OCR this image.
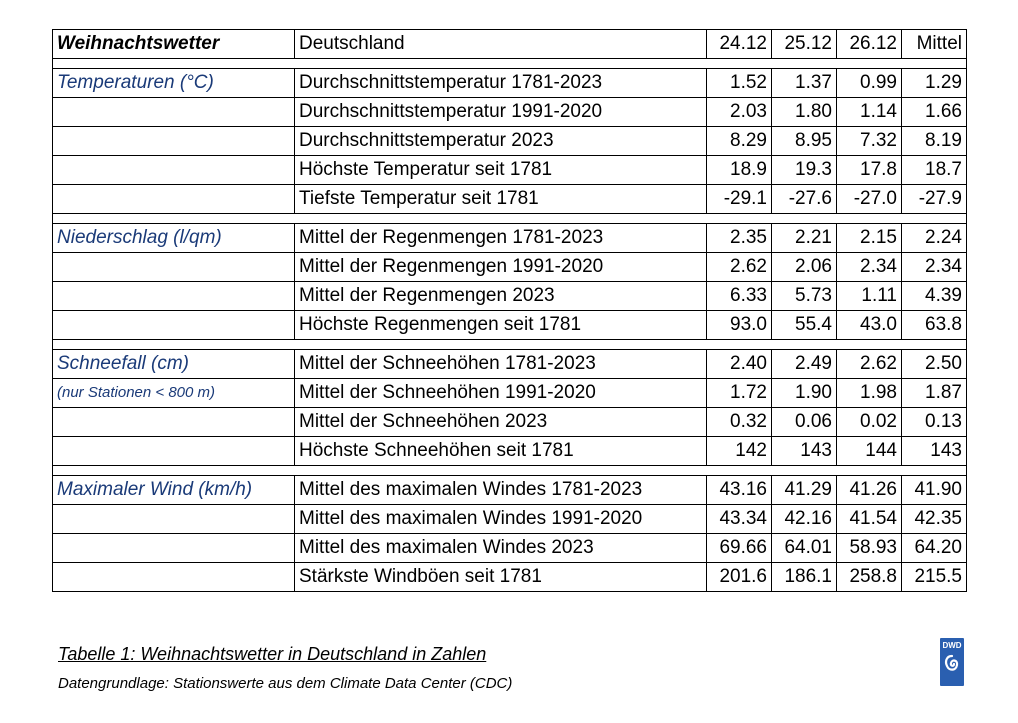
Weihnachtswetter	Deutschland	24.12	25.12	26.12	Mittel

Temperaturen (°C)	Durchschnittstemperatur 1781-2023	1.52	1.37	0.99	1.29
	Durchschnittstemperatur 1991-2020	2.03	1.80	1.14	1.66
	Durchschnittstemperatur 2023	8.29	8.95	7.32	8.19
	Höchste Temperatur seit 1781	18.9	19.3	17.8	18.7
	Tiefste Temperatur seit 1781	-29.1	-27.6	-27.0	-27.9

Niederschlag (l/qm)	Mittel der Regenmengen 1781-2023	2.35	2.21	2.15	2.24
	Mittel der Regenmengen 1991-2020	2.62	2.06	2.34	2.34
	Mittel der Regenmengen 2023	6.33	5.73	1.11	4.39
	Höchste Regenmengen seit 1781	93.0	55.4	43.0	63.8

Schneefall (cm)	Mittel der Schneehöhen 1781-2023	2.40	2.49	2.62	2.50
(nur Stationen < 800 m)	Mittel der Schneehöhen 1991-2020	1.72	1.90	1.98	1.87
	Mittel der Schneehöhen 2023	0.32	0.06	0.02	0.13
	Höchste Schneehöhen seit 1781	142	143	144	143

Maximaler Wind (km/h)	Mittel des maximalen Windes 1781-2023	43.16	41.29	41.26	41.90
	Mittel des maximalen Windes 1991-2020	43.34	42.16	41.54	42.35
	Mittel des maximalen Windes 2023	69.66	64.01	58.93	64.20
	Stärkste Windböen seit 1781	201.6	186.1	258.8	215.5
Tabelle 1: Weihnachtswetter in Deutschland in Zahlen
Datengrundlage: Stationswerte aus dem Climate Data Center (CDC)
DWD
